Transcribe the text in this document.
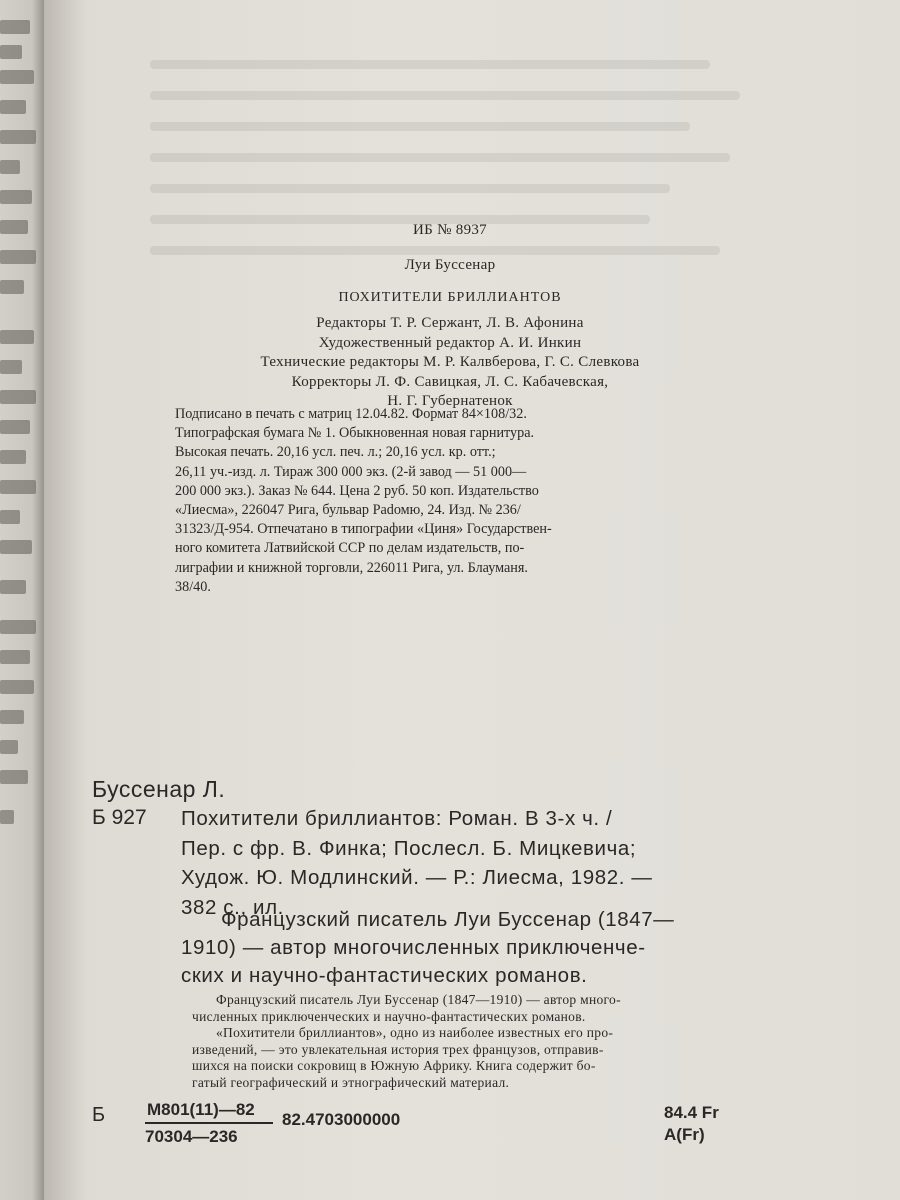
ИБ № 8937
Луи Буссенар
ПОХИТИТЕЛИ БРИЛЛИАНТОВ
Редакторы Т. Р. Сержант, Л. В. Афонина
Художественный редактор А. И. Инкин
Технические редакторы М. Р. Калвберова, Г. С. Слевкова
Корректоры Л. Ф. Савицкая, Л. С. Кабачевская,
Н. Г. Губернатенок
Подписано в печать с матриц 12.04.82. Формат 84×108/32.
Типографская бумага № 1. Обыкновенная новая гарнитура.
Высокая печать. 20,16 усл. печ. л.; 20,16 усл. кр. отт.;
26,11 уч.-изд. л. Тираж 300 000 экз. (2-й завод — 51 000—
200 000 экз.). Заказ № 644. Цена 2 руб. 50 коп. Издательство
«Лиесма», 226047 Рига, бульвар Padомю, 24. Изд. № 236/
31323/Д-954. Отпечатано в типографии «Циня» Государствен-
ного комитета Латвийской ССР по делам издательств, по-
лиграфии и книжной торговли, 226011 Рига, ул. Блауманя.
38/40.
Буссенар Л.
Б 927 Похитители бриллиантов: Роман. В 3-х ч. /
Пер. с фр. В. Финка; Послесл. Б. Мицкевича;
Худож. Ю. Модлинский. — Р.: Лиесма, 1982. —
382 с., ил.
Французский писатель Луи Буссенар (1847—
1910) — автор многочисленных приключенче-
ских и научно-фантастических романов.
Французский писатель Луи Буссенар (1847—1910) — автор много-
численных приключенческих и научно-фантастических романов.
«Похитители бриллиантов», одно из наиболее известных его про-
изведений, — это увлекательная история трех французов, отправив-
шихся на поиски сокровищ в Южную Африку. Книга содержит бо-
гатый географический и этнографический материал.
Б М801(11)—82
70304—236
82.4703000000	84.4 Fr
A(Fr)
